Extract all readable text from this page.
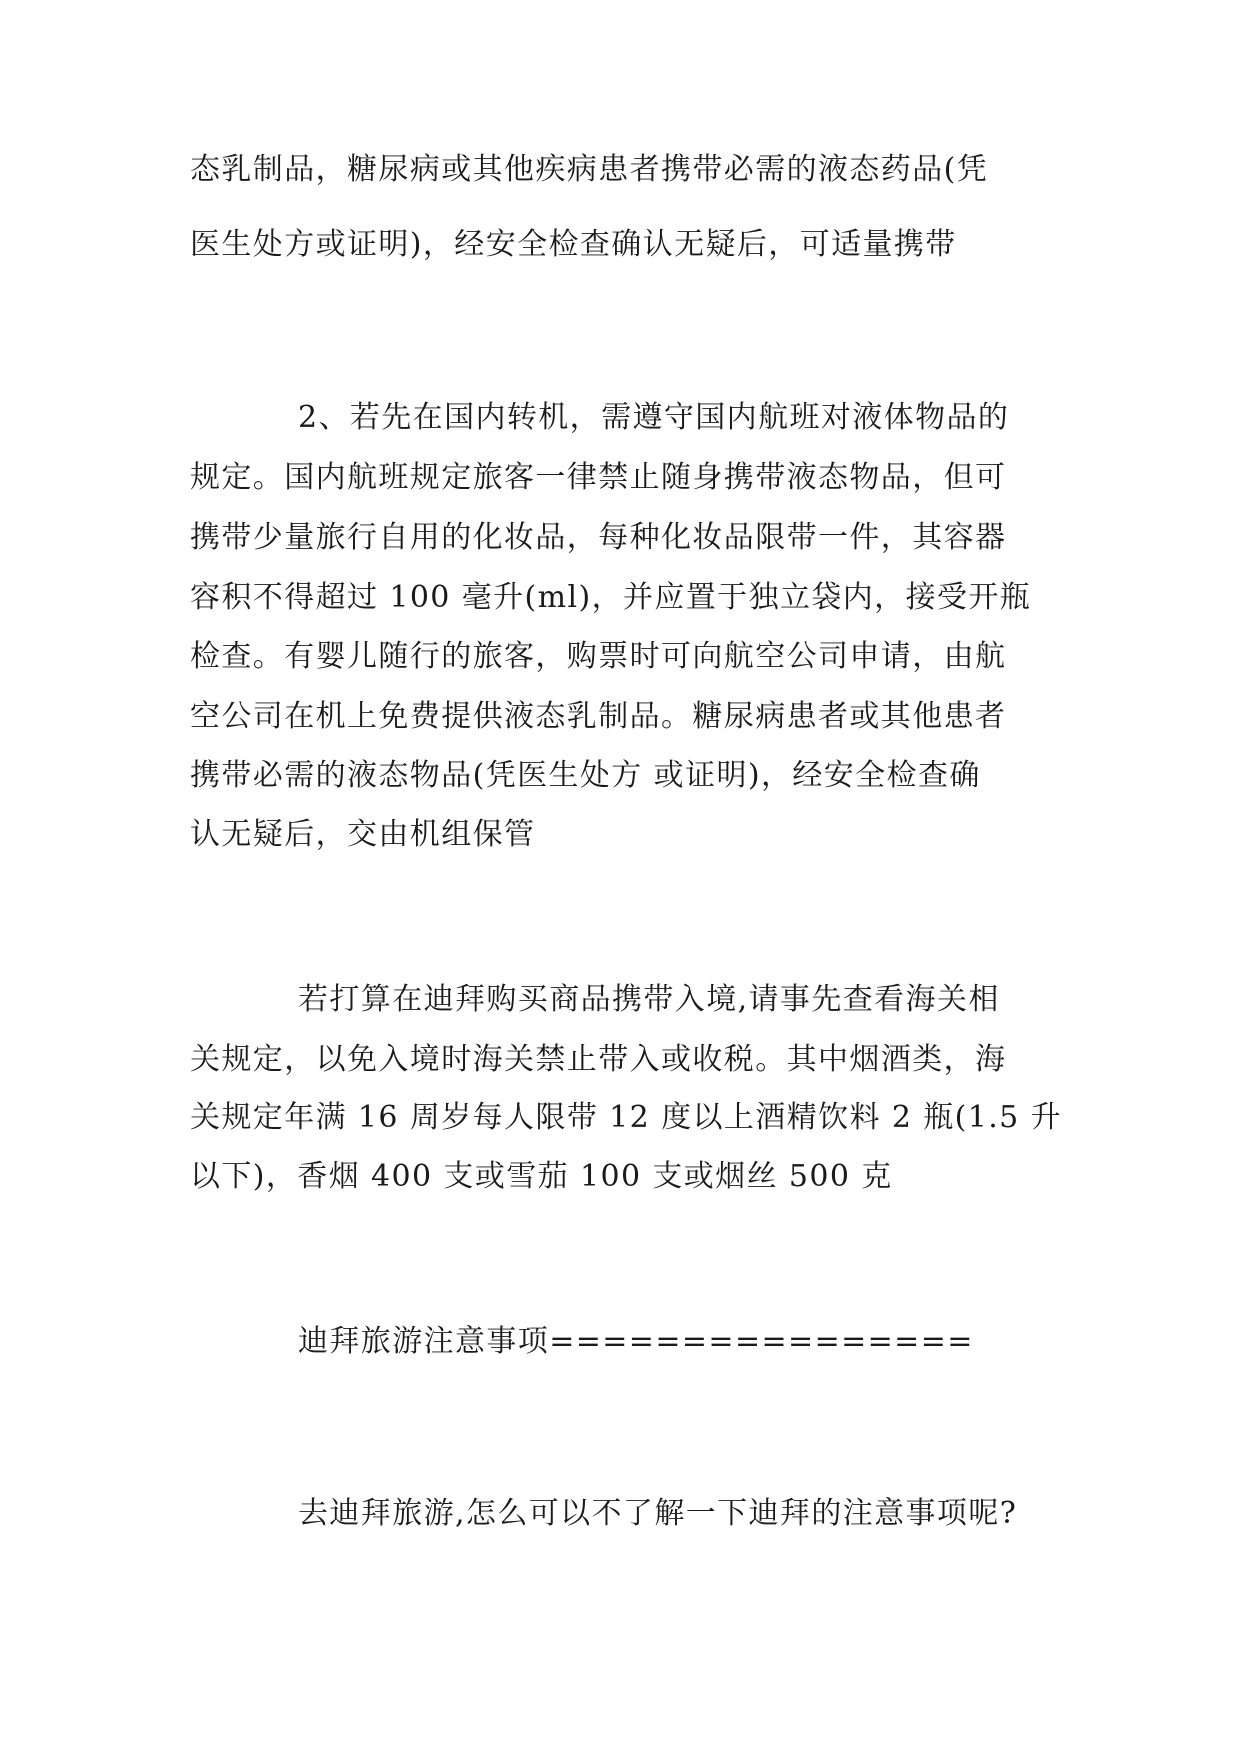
态乳制品，糖尿病或其他疾病患者携带必需的液态药品(凭
医生处方或证明)，经安全检查确认无疑后，可适量携带
2、若先在国内转机，需遵守国内航班对液体物品的
规定。国内航班规定旅客一律禁止随身携带液态物品，但可
携带少量旅行自用的化妆品，每种化妆品限带一件，其容器
容积不得超过 100 毫升(ml)，并应置于独立袋内，接受开瓶
检查。有婴儿随行的旅客，购票时可向航空公司申请，由航
空公司在机上免费提供液态乳制品。糖尿病患者或其他患者
携带必需的液态物品(凭医生处方 或证明)，经安全检查确
认无疑后，交由机组保管
若打算在迪拜购买商品携带入境,请事先查看海关相
关规定，以免入境时海关禁止带入或收税。其中烟酒类，海
关规定年满 16 周岁每人限带 12 度以上酒精饮料 2 瓶(1.5 升
以下)，香烟 400 支或雪茄 100 支或烟丝 500 克
迪拜旅游注意事项================
去迪拜旅游,怎么可以不了解一下迪拜的注意事项呢?
